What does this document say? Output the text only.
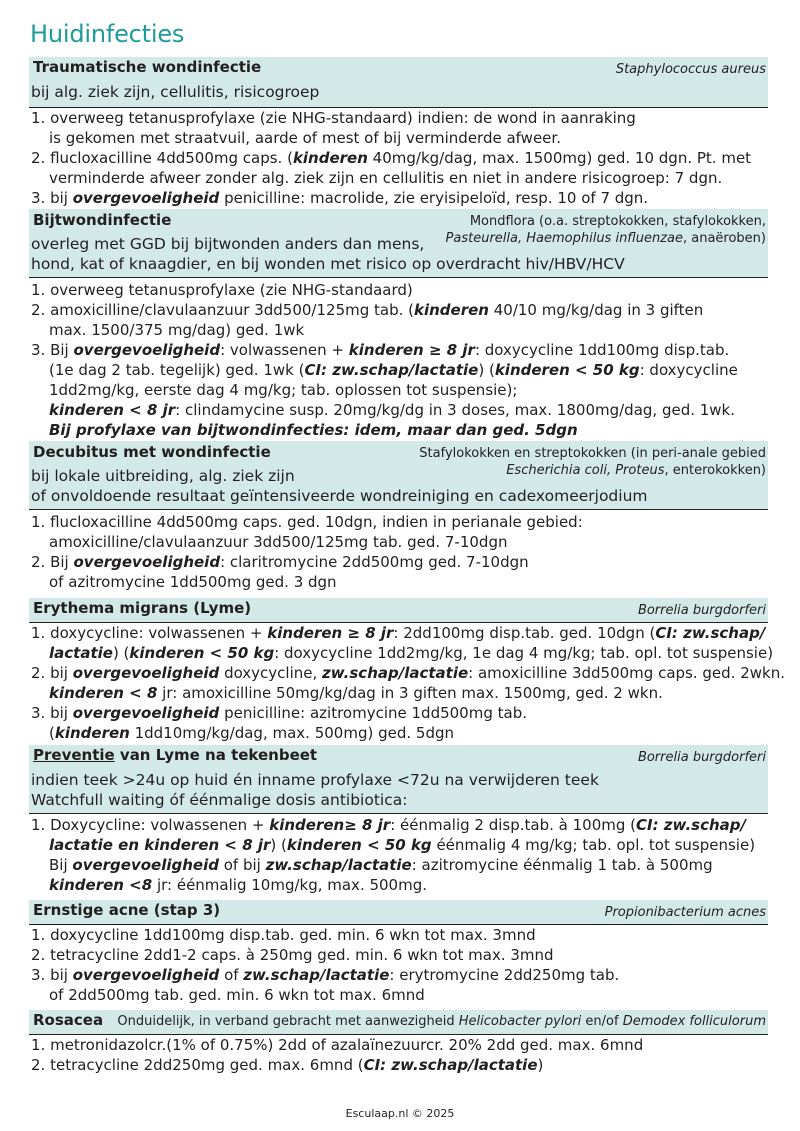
Huidinfecties
Traumatische wondinfectie	Staphylococcus aureus
bij alg. ziek zijn, cellulitis, risicogroep
1. overweeg tetanusprofylaxe (zie NHG-standaard) indien: de wond in aanraking
is gekomen met straatvuil, aarde of mest of bij verminderde afweer.
2. flucloxacilline 4dd500mg caps. (kinderen 40mg/kg/dag, max. 1500mg) ged. 10 dgn. Pt. met
verminderde afweer zonder alg. ziek zijn en cellulitis en niet in andere risicogroep: 7 dgn.
3. bij overgevoeligheid penicilline: macrolide, zie eryisipeloïd, resp. 10 of 7 dgn.
Bijtwondinfectie	Mondflora (o.a. streptokokken, stafylokokken,
Pasteurella, Haemophilus influenzae, anaëroben)
overleg met GGD bij bijtwonden anders dan mens,
hond, kat of knaagdier, en bij wonden met risico op overdracht hiv/HBV/HCV
1. overweeg tetanusprofylaxe (zie NHG-standaard)
2. amoxicilline/clavulaanzuur 3dd500/125mg tab. (kinderen 40/10 mg/kg/dag in 3 giften
max. 1500/375 mg/dag) ged. 1wk
3. Bij overgevoeligheid: volwassenen + kinderen ≥ 8 jr: doxycycline 1dd100mg disp.tab.
(1e dag 2 tab. tegelijk) ged. 1wk (CI: zw.schap/lactatie) (kinderen < 50 kg: doxycycline
1dd2mg/kg, eerste dag 4 mg/kg; tab. oplossen tot suspensie);
kinderen < 8 jr: clindamycine susp. 20mg/kg/dg in 3 doses, max. 1800mg/dag, ged. 1wk.
Bij profylaxe van bijtwondinfecties: idem, maar dan ged. 5dgn
Decubitus met wondinfectie	Stafylokokken en streptokokken (in peri-anale gebied
Escherichia coli, Proteus, enterokokken)
bij lokale uitbreiding, alg. ziek zijn
of onvoldoende resultaat geïntensiveerde wondreiniging en cadexomeerjodium
1. flucloxacilline 4dd500mg caps. ged. 10dgn, indien in perianale gebied:
amoxicilline/clavulaanzuur 3dd500/125mg tab. ged. 7-10dgn
2. Bij overgevoeligheid: claritromycine 2dd500mg ged. 7-10dgn
of azitromycine 1dd500mg ged. 3 dgn
Erythema migrans (Lyme)	Borrelia burgdorferi
1. doxycycline: volwassenen + kinderen ≥ 8 jr: 2dd100mg disp.tab. ged. 10dgn (CI: zw.schap/
lactatie) (kinderen < 50 kg: doxycycline 1dd2mg/kg, 1e dag 4 mg/kg; tab. opl. tot suspensie)
2. bij overgevoeligheid doxycycline, zw.schap/lactatie: amoxicilline 3dd500mg caps. ged. 2wkn.
kinderen < 8 jr: amoxicilline 50mg/kg/dag in 3 giften max. 1500mg, ged. 2 wkn.
3. bij overgevoeligheid penicilline: azitromycine 1dd500mg tab.
(kinderen 1dd10mg/kg/dag, max. 500mg) ged. 5dgn
Preventie van Lyme na tekenbeet	Borrelia burgdorferi
indien teek >24u op huid én inname profylaxe <72u na verwijderen teek
Watchfull waiting óf éénmalige dosis antibiotica:
1. Doxycycline: volwassenen + kinderen≥ 8 jr: éénmalig 2 disp.tab. à 100mg (CI: zw.schap/
lactatie en kinderen < 8 jr) (kinderen < 50 kg éénmalig 4 mg/kg; tab. opl. tot suspensie)
Bij overgevoeligheid of bij zw.schap/lactatie: azitromycine éénmalig 1 tab. à 500mg
kinderen <8 jr: éénmalig 10mg/kg, max. 500mg.
Ernstige acne (stap 3)	Propionibacterium acnes
1. doxycycline 1dd100mg disp.tab. ged. min. 6 wkn tot max. 3mnd
2. tetracycline 2dd1-2 caps. à 250mg ged. min. 6 wkn tot max. 3mnd
3. bij overgevoeligheid of zw.schap/lactatie: erytromycine 2dd250mg tab.
of 2dd500mg tab. ged. min. 6 wkn tot max. 6mnd
Rosacea Onduidelijk, in verband gebracht met aanwezigheid Helicobacter pylori en/of Demodex folliculorum
1. metronidazolcr.(1% of 0.75%) 2dd of azalaïnezuurcr. 20% 2dd ged. max. 6mnd
2. tetracycline 2dd250mg ged. max. 6mnd (CI: zw.schap/lactatie)
Esculaap.nl © 2025
